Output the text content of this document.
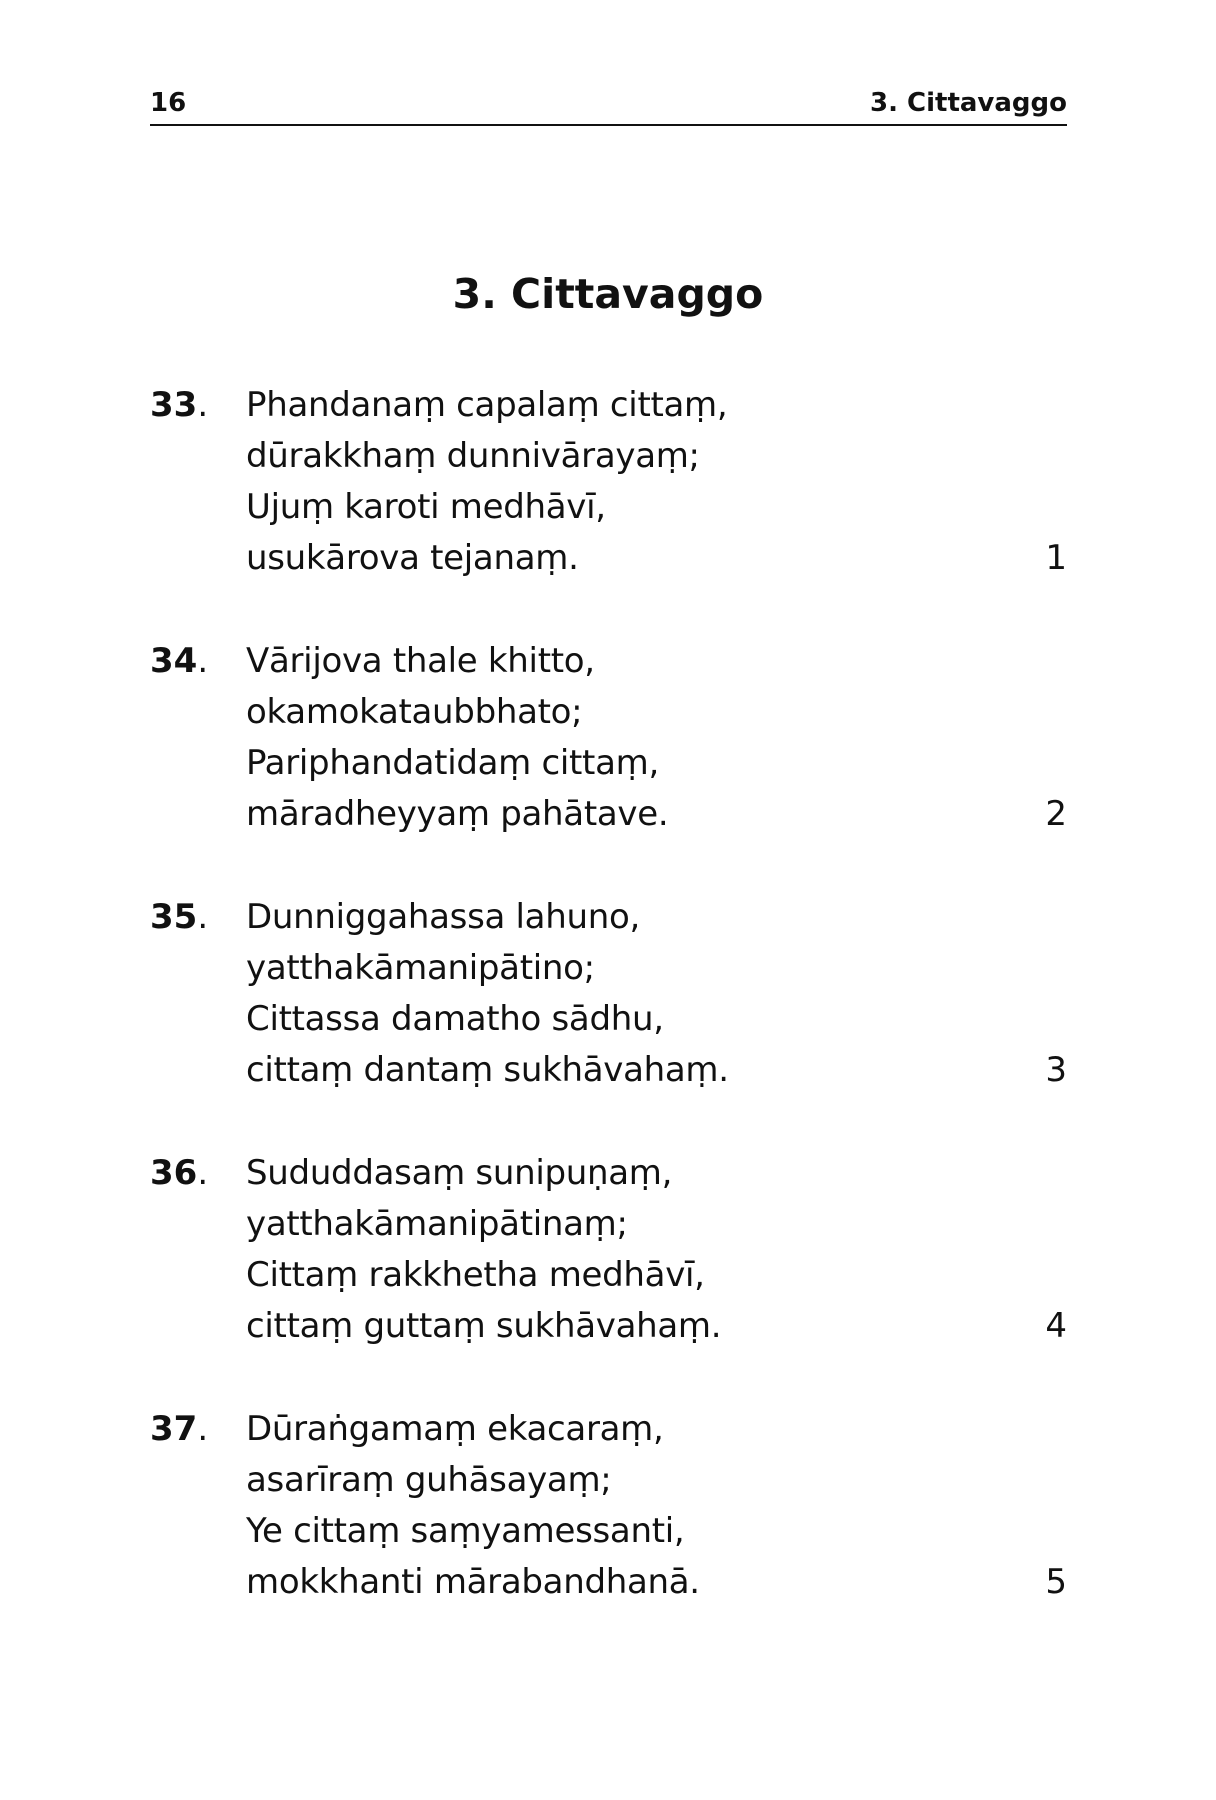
16	3. Cittavaggo
3. Cittavaggo
33. Phandanaṃ capalaṃ cittaṃ,
dūrakkhaṃ dunnivārayaṃ;
Ujuṃ karoti medhāvī,
usukārova tejanaṃ.	1
34. Vārijova thale khitto,
okamokataubbhato;
Pariphandatidaṃ cittaṃ,
māradheyyaṃ pahātave.	2
35. Dunniggahassa lahuno,
yatthakāmanipātino;
Cittassa damatho sādhu,
cittaṃ dantaṃ sukhāvahaṃ.	3
36. Sududdasaṃ sunipuṇaṃ,
yatthakāmanipātinaṃ;
Cittaṃ rakkhetha medhāvī,
cittaṃ guttaṃ sukhāvahaṃ.	4
37. Dūraṅgamaṃ ekacaraṃ,
asarīraṃ guhāsayaṃ;
Ye cittaṃ saṃyamessanti,
mokkhanti mārabandhanā.	5
